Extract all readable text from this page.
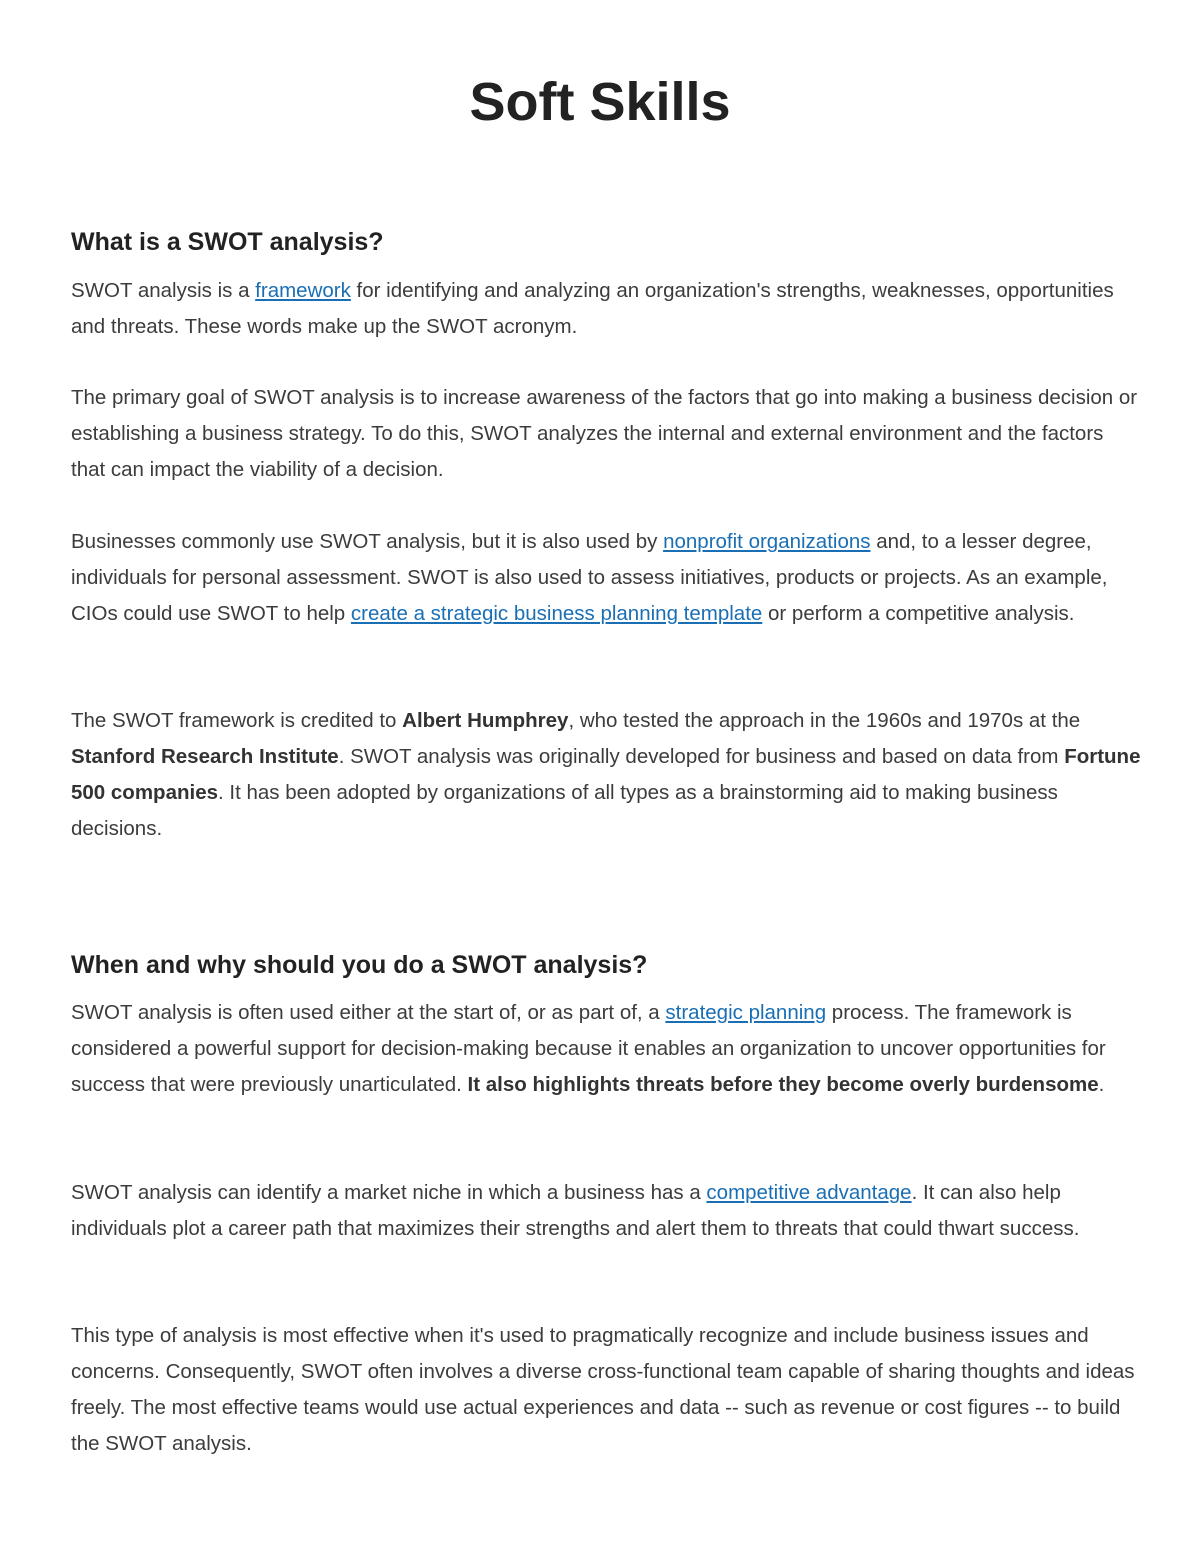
Soft Skills
What is a SWOT analysis?

SWOT analysis is a framework for identifying and analyzing an organization's strengths, weaknesses, opportunities and threats. These words make up the SWOT acronym.

The primary goal of SWOT analysis is to increase awareness of the factors that go into making a business decision or establishing a business strategy. To do this, SWOT analyzes the internal and external environment and the factors that can impact the viability of a decision.

Businesses commonly use SWOT analysis, but it is also used by nonprofit organizations and, to a lesser degree, individuals for personal assessment. SWOT is also used to assess initiatives, products or projects. As an example, CIOs could use SWOT to help create a strategic business planning template or perform a competitive analysis.

The SWOT framework is credited to Albert Humphrey, who tested the approach in the 1960s and 1970s at the Stanford Research Institute. SWOT analysis was originally developed for business and based on data from Fortune 500 companies. It has been adopted by organizations of all types as a brainstorming aid to making business decisions.

When and why should you do a SWOT analysis?

SWOT analysis is often used either at the start of, or as part of, a strategic planning process. The framework is considered a powerful support for decision-making because it enables an organization to uncover opportunities for success that were previously unarticulated. It also highlights threats before they become overly burdensome.

SWOT analysis can identify a market niche in which a business has a competitive advantage. It can also help individuals plot a career path that maximizes their strengths and alert them to threats that could thwart success.

This type of analysis is most effective when it's used to pragmatically recognize and include business issues and concerns. Consequently, SWOT often involves a diverse cross-functional team capable of sharing thoughts and ideas freely. The most effective teams would use actual experiences and data -- such as revenue or cost figures -- to build the SWOT analysis.
